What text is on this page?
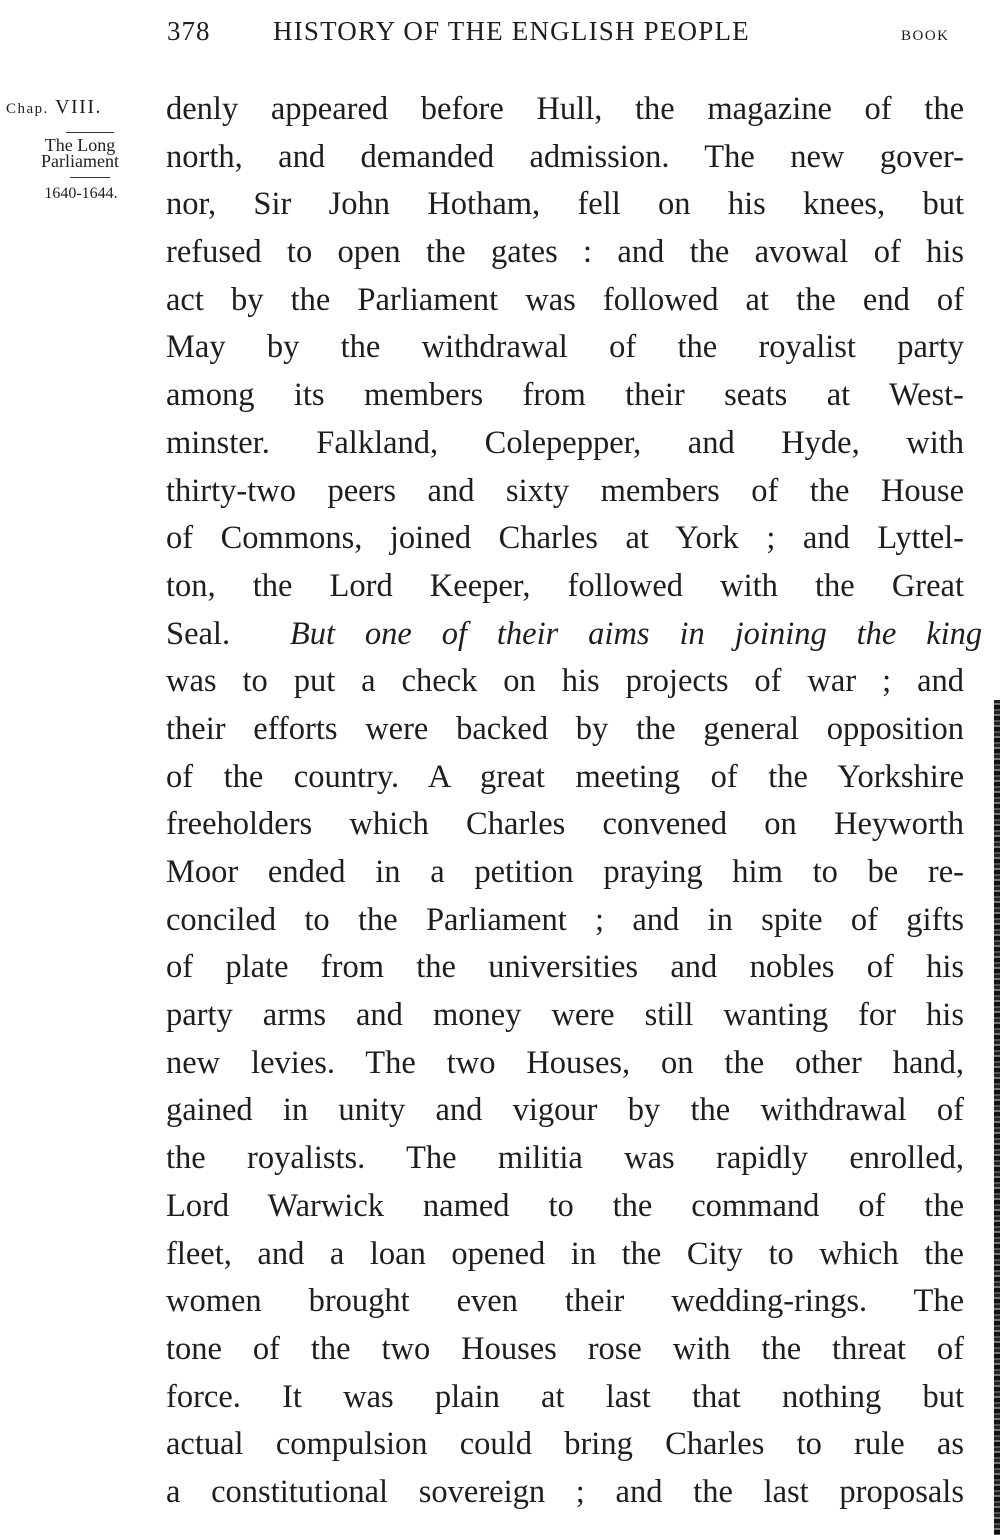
378 HISTORY OF THE ENGLISH PEOPLE	BOOK
Chap. VIII.
The Long
Parliament
1640-1644.
denly appeared before Hull, the magazine of the
north, and demanded admission. The new gover-
nor, Sir John Hotham, fell on his knees, but
refused to open the gates : and the avowal of his
act by the Parliament was followed at the end of
May by the withdrawal of the royalist party
among its members from their seats at West-
minster. Falkland, Colepepper, and Hyde, with
thirty-two peers and sixty members of the House
of Commons, joined Charles at York ; and Lyttel-
ton, the Lord Keeper, followed with the Great
Seal. But one of their aims in joining the king
was to put a check on his projects of war ; and
their efforts were backed by the general opposition
of the country. A great meeting of the Yorkshire
freeholders which Charles convened on Heyworth
Moor ended in a petition praying him to be re-
conciled to the Parliament ; and in spite of gifts
of plate from the universities and nobles of his
party arms and money were still wanting for his
new levies. The two Houses, on the other hand,
gained in unity and vigour by the withdrawal of
the royalists. The militia was rapidly enrolled,
Lord Warwick named to the command of the
fleet, and a loan opened in the City to which the
women brought even their wedding-rings. The
tone of the two Houses rose with the threat of
force. It was plain at last that nothing but
actual compulsion could bring Charles to rule as
a constitutional sovereign ; and the last proposals
